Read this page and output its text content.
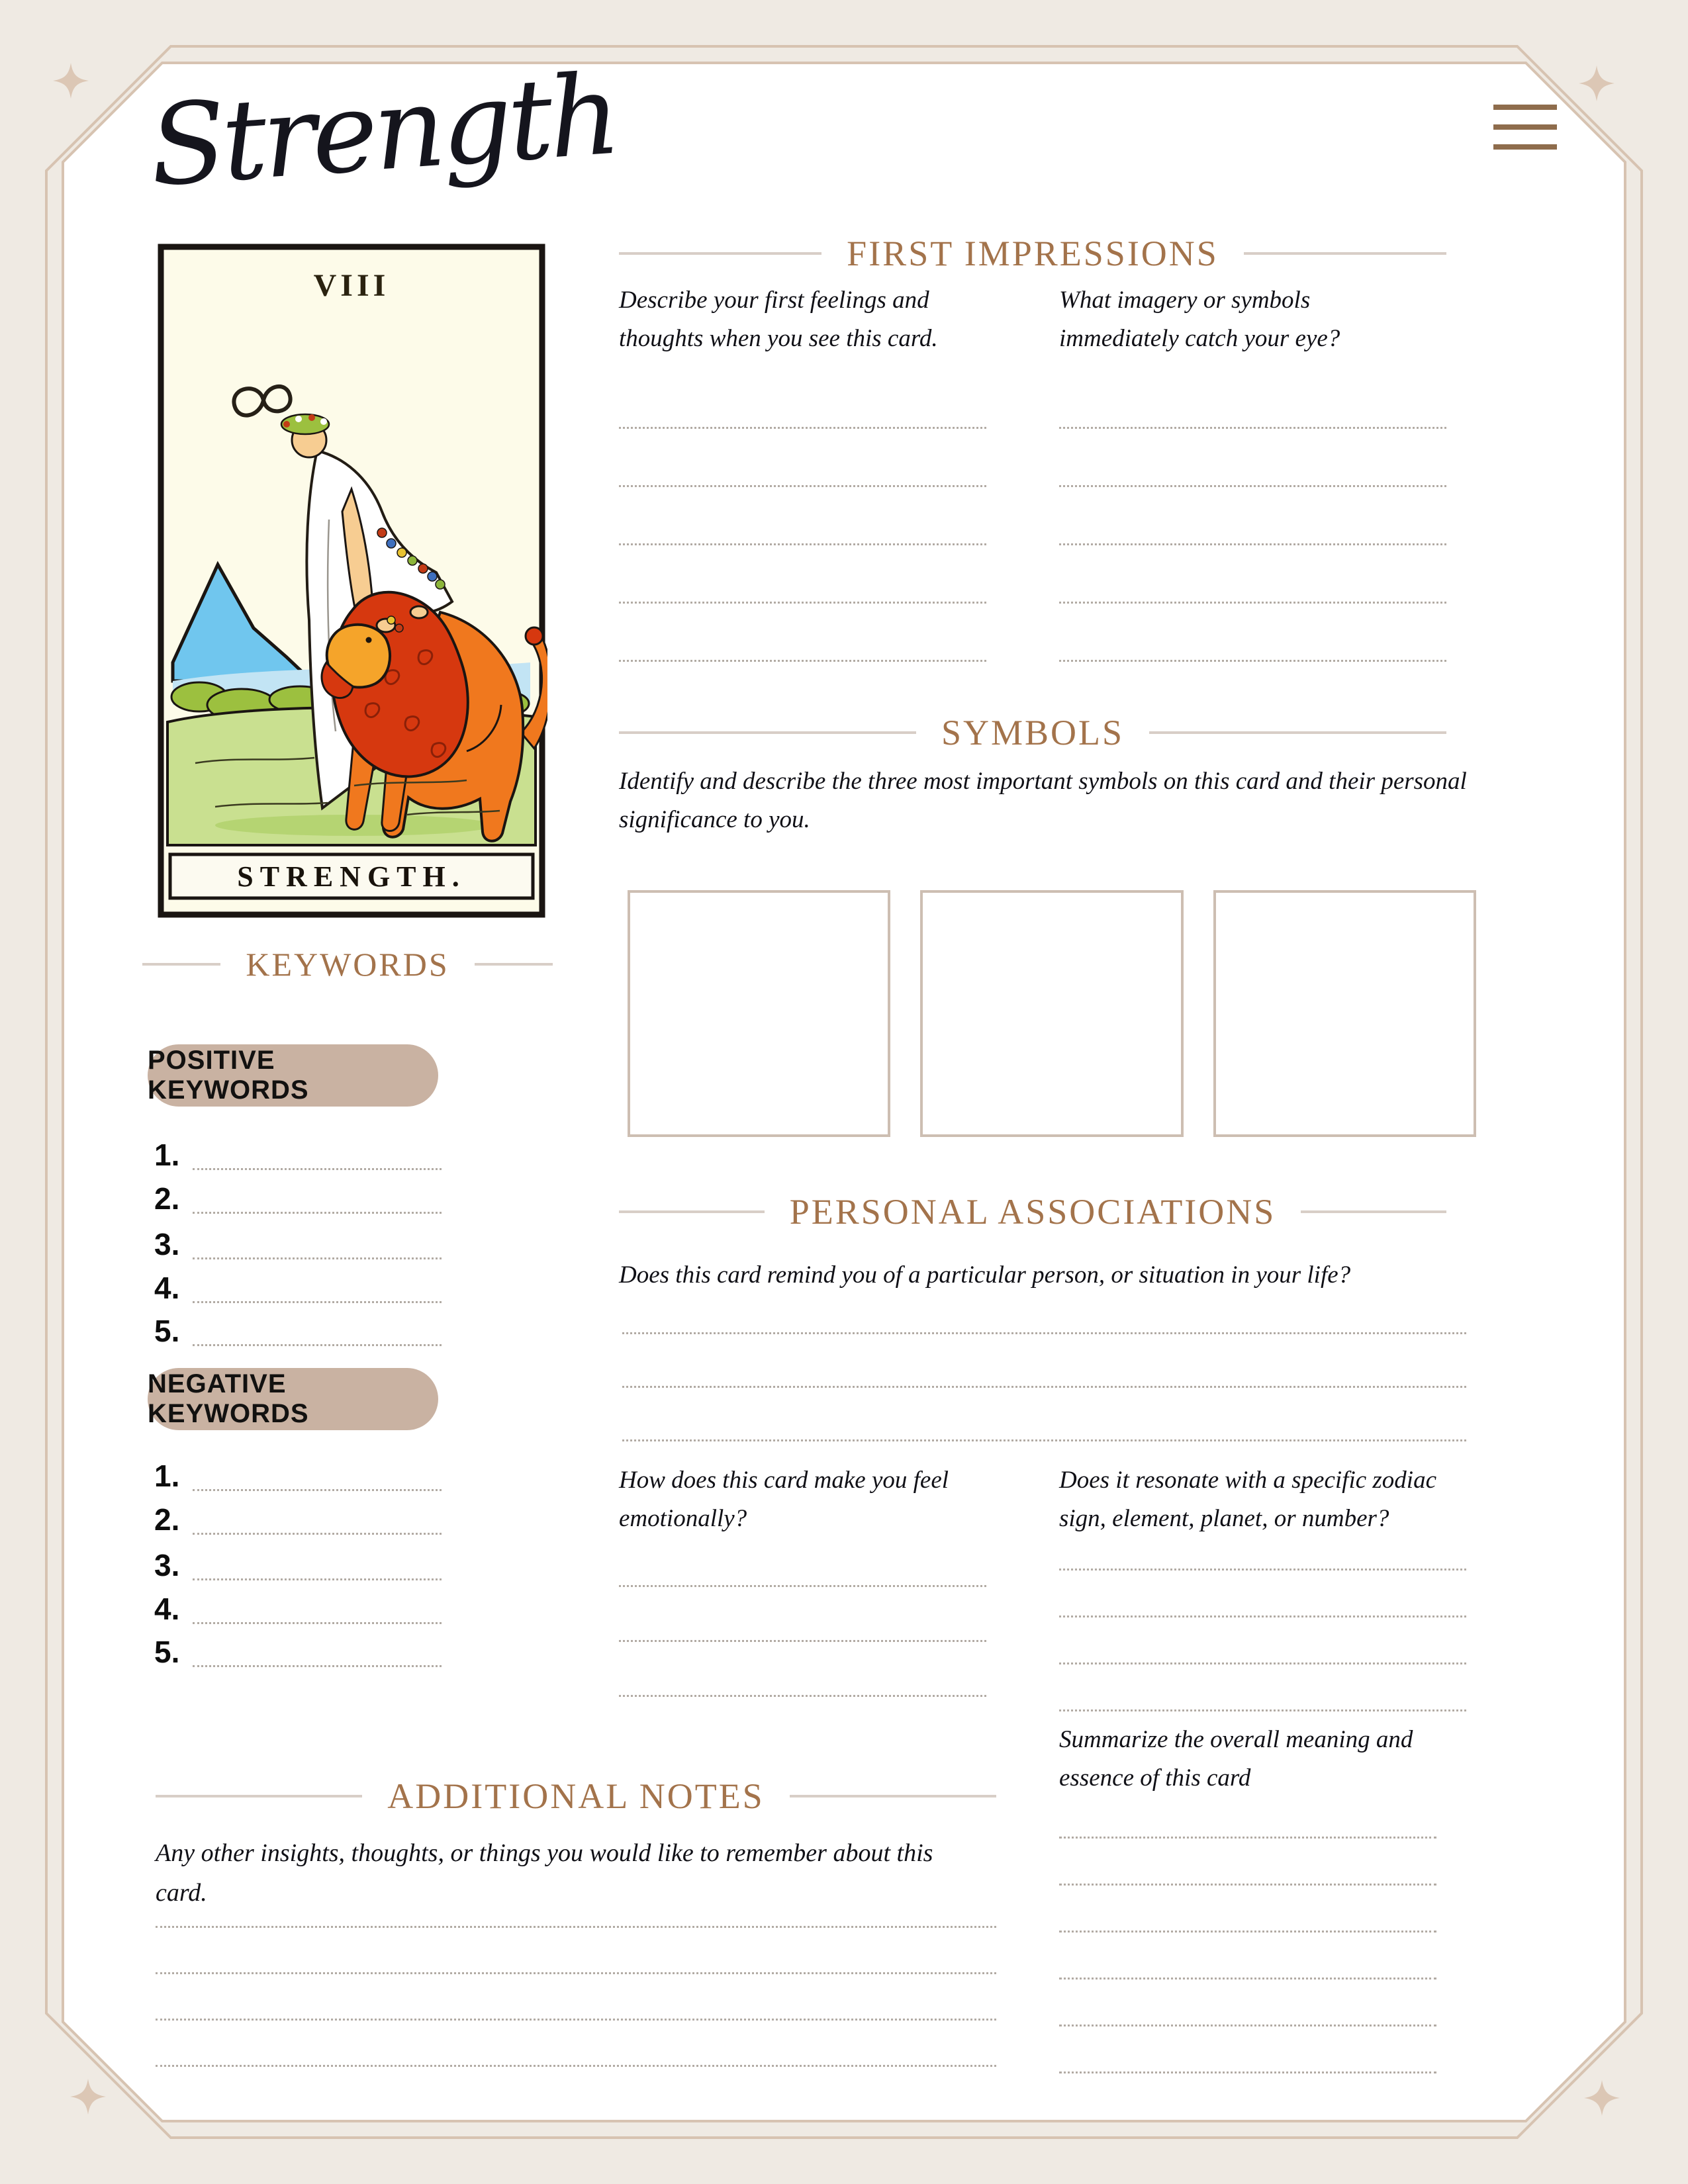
Strength
VIII
STRENGTH.
FIRST IMPRESSIONS
Describe your first feelings and thoughts when you see this card.
What imagery or symbols immediately catch your eye?
SYMBOLS
Identify and describe the three most important symbols on this card and their personal significance to you.
KEYWORDS
POSITIVE KEYWORDS
1.
2.
3.
4.
5.
NEGATIVE KEYWORDS
1.
2.
3.
4.
5.
PERSONAL ASSOCIATIONS
Does this card remind you of a particular person, or situation in your life?
How does this card make you feel emotionally?
Does it resonate with a specific zodiac sign, element, planet, or number?
Summarize the overall meaning and essence of this card
ADDITIONAL NOTES
Any other insights, thoughts, or things you would like to remember about this card.
